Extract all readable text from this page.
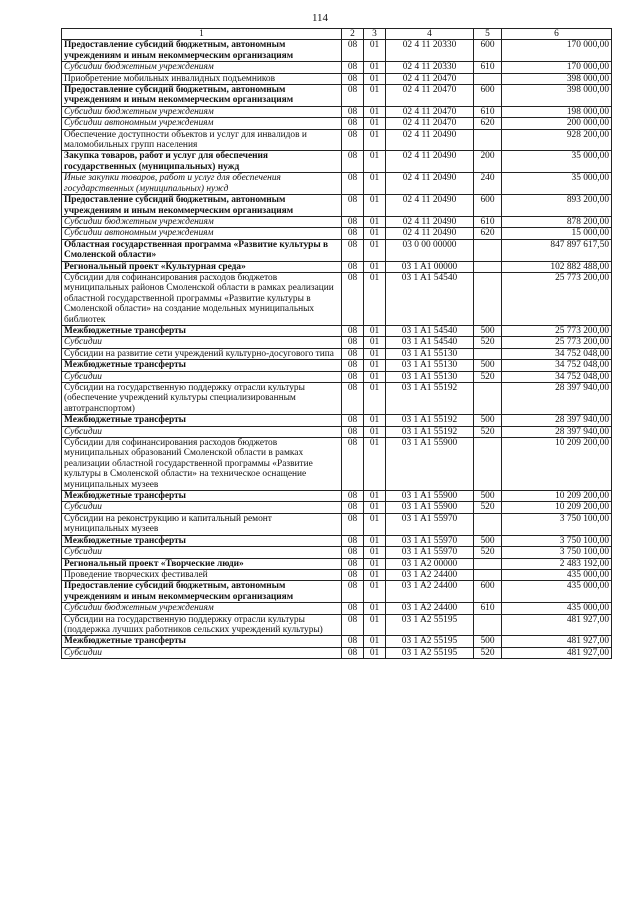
114
1	2	3	4	5	6
Предоставление субсидий бюджетным, автономным учреждениям и иным некоммерческим организациям	08	01	02 4 11 20330	600	170 000,00
Субсидии бюджетным учреждениям	08	01	02 4 11 20330	610	170 000,00
Приобретение мобильных инвалидных подъемников	08	01	02 4 11 20470		398 000,00
Предоставление субсидий бюджетным, автономным учреждениям и иным некоммерческим организациям	08	01	02 4 11 20470	600	398 000,00
Субсидии бюджетным учреждениям	08	01	02 4 11 20470	610	198 000,00
Субсидии автономным учреждениям	08	01	02 4 11 20470	620	200 000,00
Обеспечение доступности объектов и услуг для инвалидов и маломобильных групп населения	08	01	02 4 11 20490		928 200,00
Закупка товаров, работ и услуг для обеспечения государственных (муниципальных) нужд	08	01	02 4 11 20490	200	35 000,00
Иные закупки товаров, работ и услуг для обеспечения государственных (муниципальных) нужд	08	01	02 4 11 20490	240	35 000,00
Предоставление субсидий бюджетным, автономным учреждениям и иным некоммерческим организациям	08	01	02 4 11 20490	600	893 200,00
Субсидии бюджетным учреждениям	08	01	02 4 11 20490	610	878 200,00
Субсидии автономным учреждениям	08	01	02 4 11 20490	620	15 000,00
Областная государственная программа «Развитие культуры в Смоленской области»	08	01	03 0 00 00000		847 897 617,50
Региональный проект «Культурная среда»	08	01	03 1 A1 00000		102 882 488,00
Субсидии для софинансирования расходов бюджетов муниципальных районов Смоленской области в рамках реализации областной государственной программы «Развитие культуры в Смоленской области» на создание модельных муниципальных библиотек	08	01	03 1 A1 54540		25 773 200,00
Межбюджетные трансферты	08	01	03 1 A1 54540	500	25 773 200,00
Субсидии	08	01	03 1 A1 54540	520	25 773 200,00
Субсидии на развитие сети учреждений культурно-досугового типа	08	01	03 1 A1 55130		34 752 048,00
Межбюджетные трансферты	08	01	03 1 A1 55130	500	34 752 048,00
Субсидии	08	01	03 1 A1 55130	520	34 752 048,00
Субсидии на государственную поддержку отрасли культуры (обеспечение учреждений культуры специализированным автотранспортом)	08	01	03 1 A1 55192		28 397 940,00
Межбюджетные трансферты	08	01	03 1 A1 55192	500	28 397 940,00
Субсидии	08	01	03 1 A1 55192	520	28 397 940,00
Субсидии для софинансирования расходов бюджетов муниципальных образований Смоленской области в рамках реализации областной государственной программы «Развитие культуры в Смоленской области» на техническое оснащение муниципальных музеев	08	01	03 1 A1 55900		10 209 200,00
Межбюджетные трансферты	08	01	03 1 A1 55900	500	10 209 200,00
Субсидии	08	01	03 1 A1 55900	520	10 209 200,00
Субсидии на реконструкцию и капитальный ремонт муниципальных музеев	08	01	03 1 A1 55970		3 750 100,00
Межбюджетные трансферты	08	01	03 1 A1 55970	500	3 750 100,00
Субсидии	08	01	03 1 A1 55970	520	3 750 100,00
Региональный проект «Творческие люди»	08	01	03 1 A2 00000		2 483 192,00
Проведение творческих фестивалей	08	01	03 1 A2 24400		435 000,00
Предоставление субсидий бюджетным, автономным учреждениям и иным некоммерческим организациям	08	01	03 1 A2 24400	600	435 000,00
Субсидии бюджетным учреждениям	08	01	03 1 A2 24400	610	435 000,00
Субсидии на государственную поддержку отрасли культуры (поддержка лучших работников сельских учреждений культуры)	08	01	03 1 A2 55195		481 927,00
Межбюджетные трансферты	08	01	03 1 A2 55195	500	481 927,00
Субсидии	08	01	03 1 A2 55195	520	481 927,00
